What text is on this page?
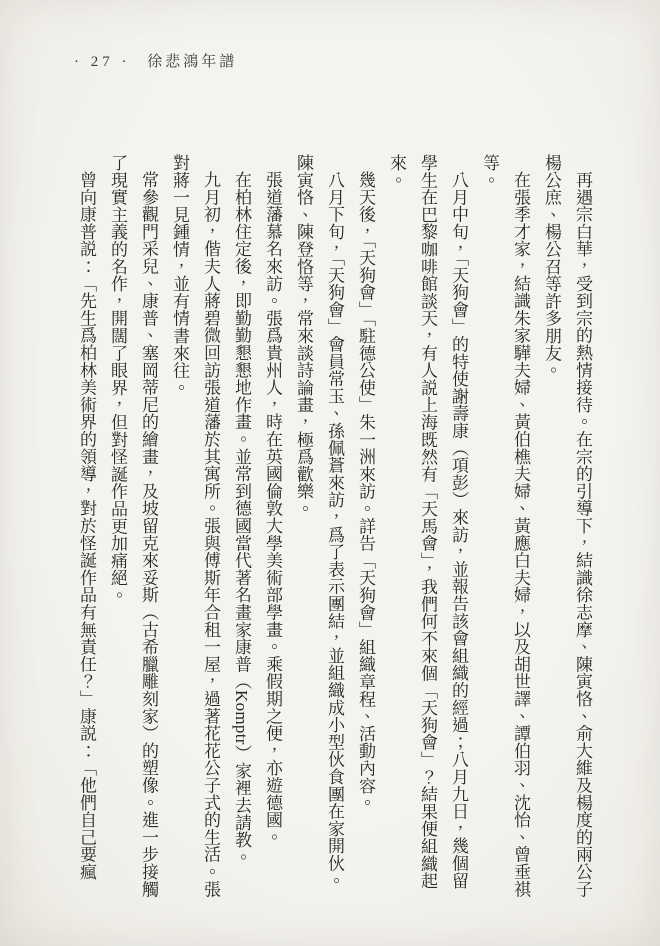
· 27 · 徐悲鴻年譜

再遇宗白華，受到宗的熱情接待。在宗的引導下，結識徐志摩、陳寅恪、俞大維及楊度的兩公子楊公庶、楊公召等許多朋友。

在張季才家，結識朱家驊夫婦、黃伯樵夫婦、黃應白夫婦，以及胡世譯、譚伯羽、沈怡、曾垂祺等。

八月中旬，「天狗會」的特使謝壽康（項彭）來訪，並報告該會組織的經過；八月九日，幾個留學生在巴黎咖啡館談天，有人説上海既然有「天馬會」，我們何不來個「天狗會」？結果便組織起來。

幾天後，「天狗會」「駐德公使」朱一洲來訪。詳告「天狗會」組織章程、活動內容。

八月下旬，「天狗會」會員常玉、孫佩蒼來訪，爲了表示團結，並組織成小型伙食團在家開伙。陳寅恪、陳登恪等，常來談詩論畫，極爲歡樂。

張道藩慕名來訪。張爲貴州人，時在英國倫敦大學美術部學畫。乘假期之便，亦遊德國。

在柏林住定後，即勤勤懇懇地作畫。並常到德國當代著名畫家康普（Komptr）家裡去請教。

九月初，偕夫人蔣碧微回訪張道藩於其寓所。張與傅斯年合租一屋，過著花花公子式的生活。張對蔣一見鍾情，並有情書來往。

常參觀門采兒、康普、塞岡蒂尼的繪畫，及坡留克來妥斯（古希臘雕刻家）的塑像。進一步接觸了現實主義的名作，開闊了眼界，但對怪誕作品更加痛絕。

曾向康普説：「先生爲柏林美術界的領導，對於怪誕作品有無責任？」康説：「他們自己要瘋
